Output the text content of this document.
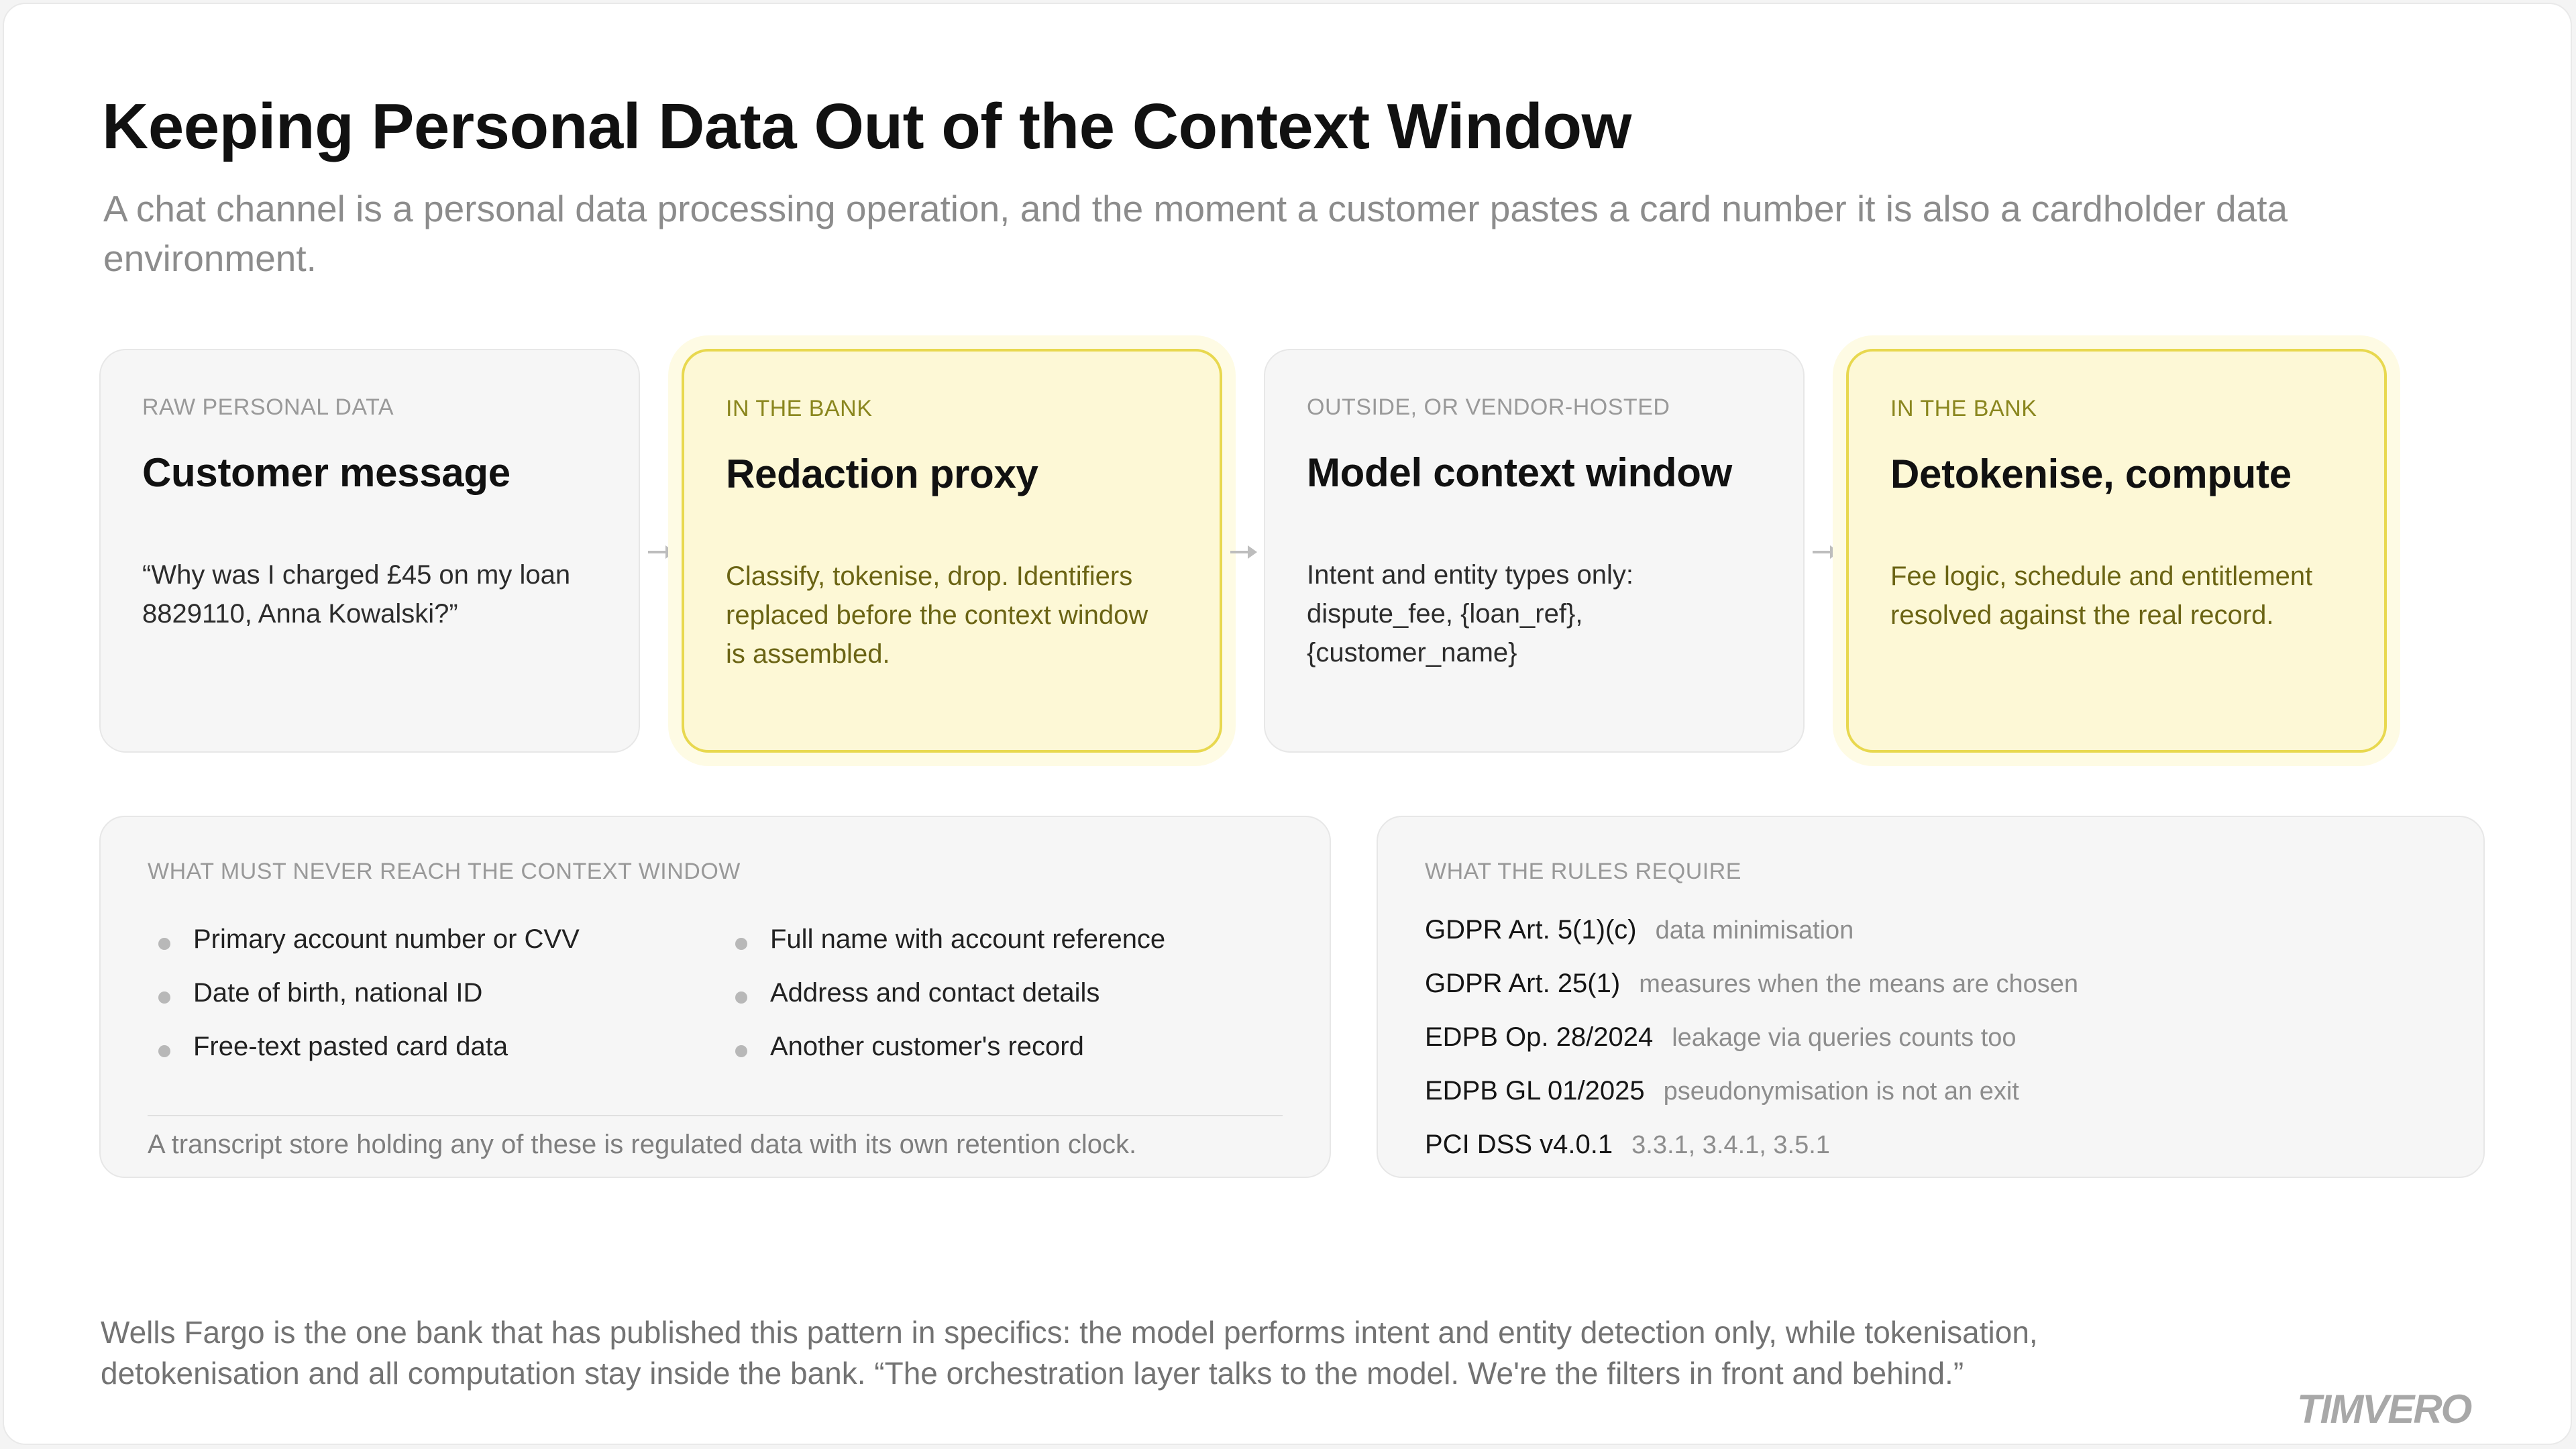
Keeping Personal Data Out of the Context Window

A chat channel is a personal data processing operation, and the moment a customer pastes a card number it is also a cardholder data environment.

RAW PERSONAL DATA
Customer message
“Why was I charged £45 on my loan
8829110, Anna Kowalski?”
IN THE BANK
Redaction proxy
Classify, tokenise, drop. Identifiers
replaced before the context window
is assembled.
OUTSIDE, OR VENDOR-HOSTED
Model context window
Intent and entity types only:
dispute_fee, {loan_ref},
{customer_name}
IN THE BANK
Detokenise, compute
Fee logic, schedule and entitlement
resolved against the real record.
WHAT MUST NEVER REACH THE CONTEXT WINDOW
Primary account number or CVV
Date of birth, national ID
Free-text pasted card data
Full name with account reference
Address and contact details
Another customer's record
A transcript store holding any of these is regulated data with its own retention clock.
WHAT THE RULES REQUIRE
GDPR Art. 5(1)(c) data minimisation
GDPR Art. 25(1) measures when the means are chosen
EDPB Op. 28/2024 leakage via queries counts too
EDPB GL 01/2025 pseudonymisation is not an exit
PCI DSS v4.0.1 3.3.1, 3.4.1, 3.5.1
Wells Fargo is the one bank that has published this pattern in specifics: the model performs intent and entity detection only, while tokenisation,
detokenisation and all computation stay inside the bank. “The orchestration layer talks to the model. We're the filters in front and behind.”
TIMVERO
